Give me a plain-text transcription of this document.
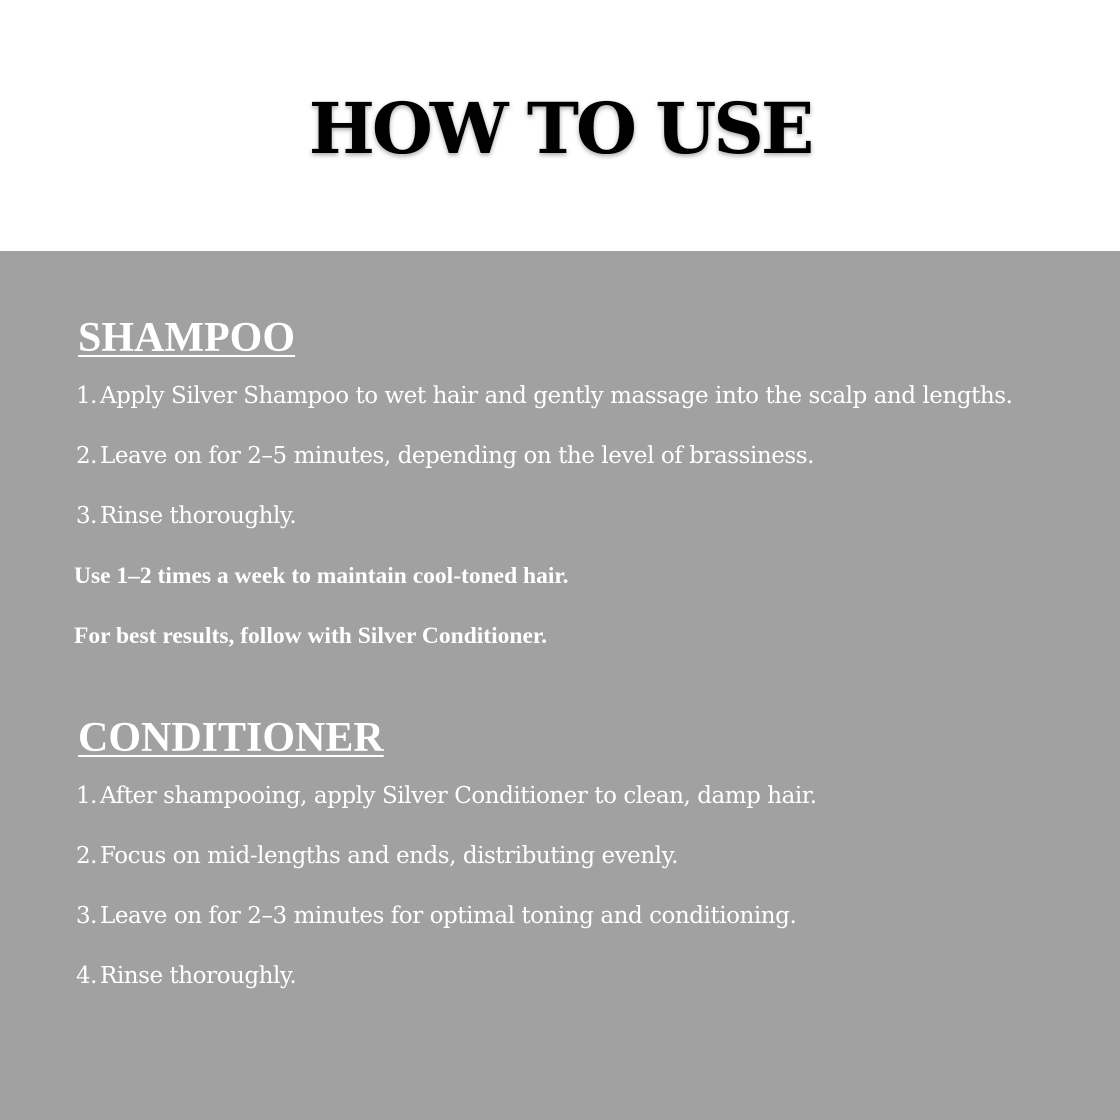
HOW TO USE
SHAMPOO
1. Apply Silver Shampoo to wet hair and gently massage into the scalp and lengths.
2. Leave on for 2–5 minutes, depending on the level of brassiness.
3. Rinse thoroughly.
Use 1–2 times a week to maintain cool-toned hair.
For best results, follow with Silver Conditioner.
CONDITIONER
1. After shampooing, apply Silver Conditioner to clean, damp hair.
2. Focus on mid-lengths and ends, distributing evenly.
3. Leave on for 2–3 minutes for optimal toning and conditioning.
4. Rinse thoroughly.
